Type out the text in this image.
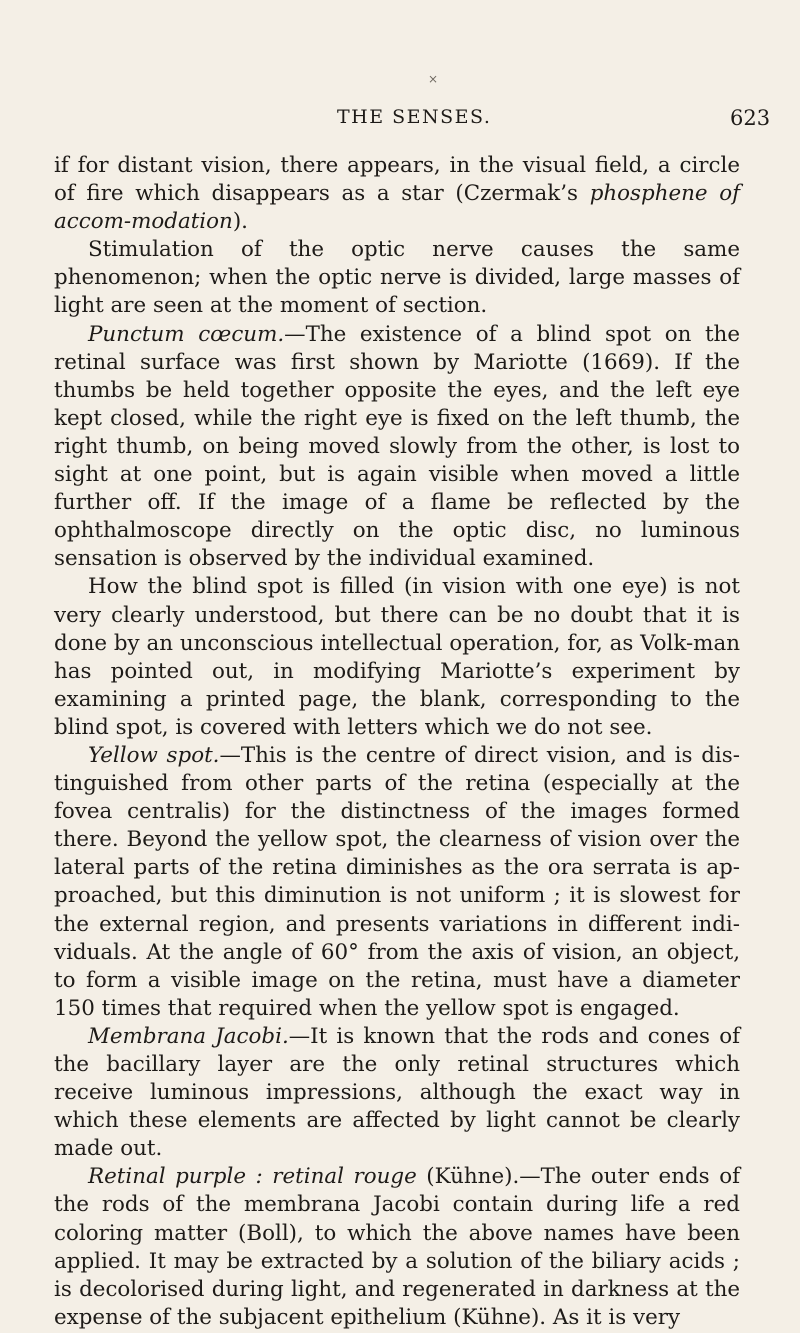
×
THE SENSES.	623

if for distant vision, there appears, in the visual field, a circle of fire which disappears as a star (Czermak’s phosphene of accom-modation).

Stimulation of the optic nerve causes the same phenomenon; when the optic nerve is divided, large masses of light are seen at the moment of section.

Punctum cœcum.—The existence of a blind spot on the retinal surface was first shown by Mariotte (1669). If the thumbs be held together opposite the eyes, and the left eye kept closed, while the right eye is fixed on the left thumb, the right thumb, on being moved slowly from the other, is lost to sight at one point, but is again visible when moved a little further off. If the image of a flame be reflected by the ophthalmoscope directly on the optic disc, no luminous sensation is observed by the individual examined.

How the blind spot is filled (in vision with one eye) is not very clearly understood, but there can be no doubt that it is done by an unconscious intellectual operation, for, as Volk-man has pointed out, in modifying Mariotte’s experiment by examining a printed page, the blank, corresponding to the blind spot, is covered with letters which we do not see.

Yellow spot.—This is the centre of direct vision, and is dis-tinguished from other parts of the retina (especially at the fovea centralis) for the distinctness of the images formed there. Beyond the yellow spot, the clearness of vision over the lateral parts of the retina diminishes as the ora serrata is ap-proached, but this diminution is not uniform ; it is slowest for the external region, and presents variations in different indi-viduals. At the angle of 60° from the axis of vision, an object, to form a visible image on the retina, must have a diameter 150 times that required when the yellow spot is engaged.

Membrana Jacobi.—It is known that the rods and cones of the bacillary layer are the only retinal structures which receive luminous impressions, although the exact way in which these elements are affected by light cannot be clearly made out.

Retinal purple : retinal rouge (Kühne).—The outer ends of the rods of the membrana Jacobi contain during life a red coloring matter (Boll), to which the above names have been applied. It may be extracted by a solution of the biliary acids ; is decolorised during light, and regenerated in darkness at the expense of the subjacent epithelium (Kühne). As it is very
